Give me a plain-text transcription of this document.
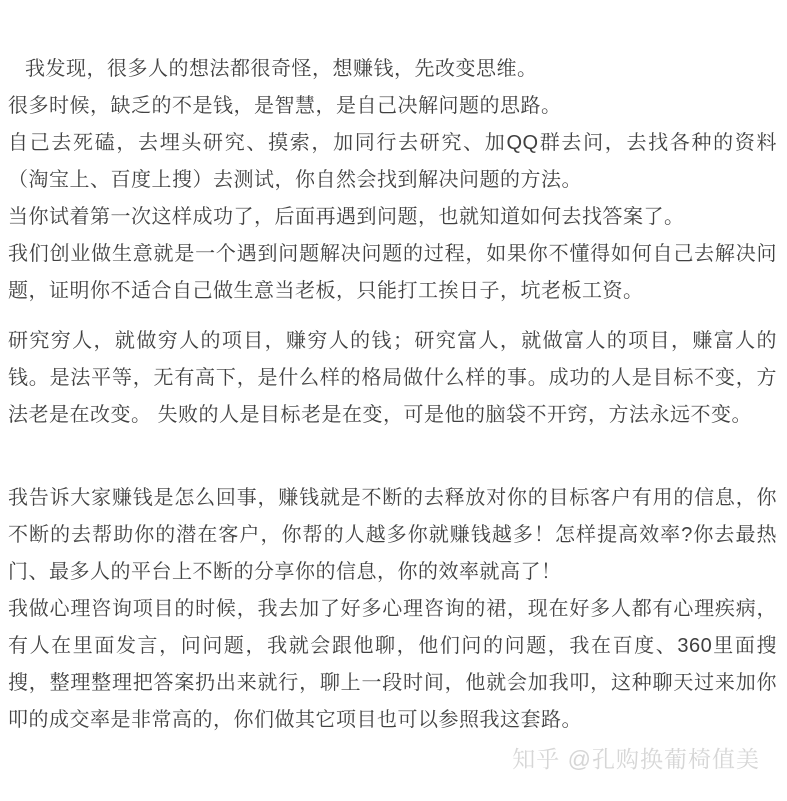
我发现，很多人的想法都很奇怪，想赚钱，先改变思维。

很多时候，缺乏的不是钱，是智慧，是自己决解问题的思路。

自己去死磕，去埋头研究、摸索，加同行去研究、加QQ群去问，去找各种的资料（淘宝上、百度上搜）去测试，你自然会找到解决问题的方法。

当你试着第一次这样成功了，后面再遇到问题，也就知道如何去找答案了。

我们创业做生意就是一个遇到问题解决问题的过程，如果你不懂得如何自己去解决问题，证明你不适合自己做生意当老板，只能打工挨日子，坑老板工资。

研究穷人，就做穷人的项目，赚穷人的钱；研究富人，就做富人的项目，赚富人的钱。是法平等，无有高下，是什么样的格局做什么样的事。成功的人是目标不变，方法老是在改变。 失败的人是目标老是在变，可是他的脑袋不开窍，方法永远不变。

我告诉大家赚钱是怎么回事，赚钱就是不断的去释放对你的目标客户有用的信息，你不断的去帮助你的潜在客户，你帮的人越多你就赚钱越多！怎样提高效率?你去最热门、最多人的平台上不断的分享你的信息，你的效率就高了！

我做心理咨询项目的时候，我去加了好多心理咨询的裙，现在好多人都有心理疾病，有人在里面发言，问问题，我就会跟他聊，他们问的问题，我在百度、360里面搜搜，整理整理把答案扔出来就行，聊上一段时间，他就会加我叩，这种聊天过来加你叩的成交率是非常高的，你们做其它项目也可以参照我这套路。

知乎 @孔购换葡椅值美
